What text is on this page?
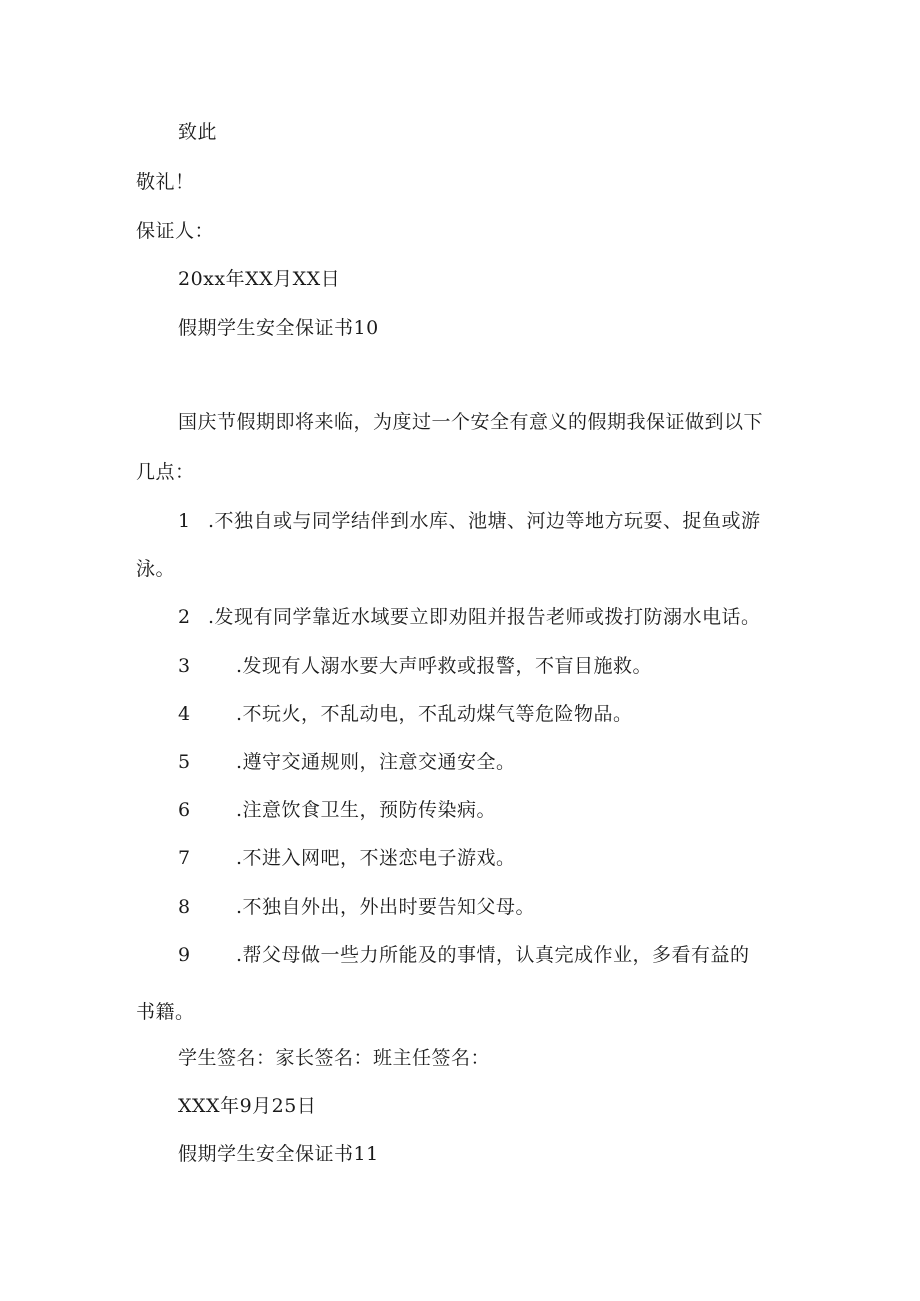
致此
敬礼！
保证人：
20xx年XX月XX日
假期学生安全保证书10
国庆节假期即将来临，为度过一个安全有意义的假期我保证做到以下
几点：
1 .不独自或与同学结伴到水库、池塘、河边等地方玩耍、捉鱼或游
泳。
2 .发现有同学靠近水域要立即劝阻并报告老师或拨打防溺水电话。
3 .发现有人溺水要大声呼救或报警，不盲目施救。
4 .不玩火，不乱动电，不乱动煤气等危险物品。
5 .遵守交通规则，注意交通安全。
6 .注意饮食卫生，预防传染病。
7 .不进入网吧，不迷恋电子游戏。
8 .不独自外出，外出时要告知父母。
9 .帮父母做一些力所能及的事情，认真完成作业，多看有益的
书籍。
学生签名：家长签名：班主任签名：
XXX年9月25日
假期学生安全保证书11
